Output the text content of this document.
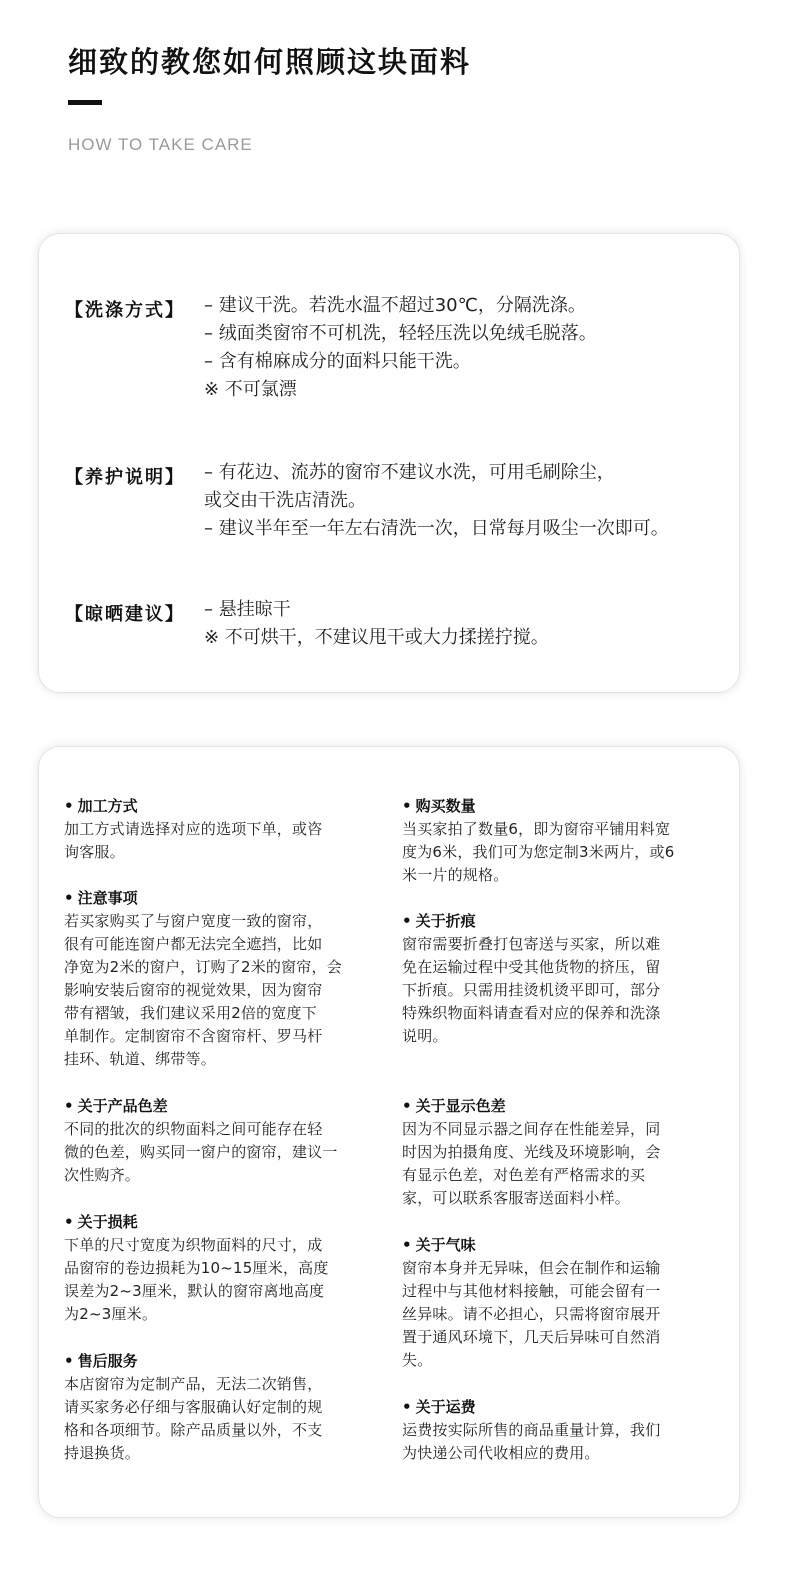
细致的教您如何照顾这块面料
HOW TO TAKE CARE
【洗涤方式】 – 建议干洗。若洗水温不超过30℃，分隔洗涤。
– 绒面类窗帘不可机洗，轻轻压洗以免绒毛脱落。
– 含有棉麻成分的面料只能干洗。
※ 不可氯漂
【养护说明】 – 有花边、流苏的窗帘不建议水洗，可用毛刷除尘，
或交由干洗店清洗。
– 建议半年至一年左右清洗一次，日常每月吸尘一次即可。
【晾晒建议】 – 悬挂晾干
※ 不可烘干，不建议甩干或大力揉搓拧搅。
• 加工方式
加工方式请选择对应的选项下单，或咨
询客服。
• 注意事项
若买家购买了与窗户宽度一致的窗帘，
很有可能连窗户都无法完全遮挡，比如
净宽为2米的窗户，订购了2米的窗帘，会
影响安装后窗帘的视觉效果，因为窗帘
带有褶皱，我们建议采用2倍的宽度下
单制作。定制窗帘不含窗帘杆、罗马杆
挂环、轨道、绑带等。
• 关于产品色差
不同的批次的织物面料之间可能存在轻
微的色差，购买同一窗户的窗帘，建议一
次性购齐。
• 关于损耗
下单的尺寸宽度为织物面料的尺寸，成
品窗帘的卷边损耗为10~15厘米，高度
误差为2~3厘米，默认的窗帘离地高度
为2~3厘米。
• 售后服务
本店窗帘为定制产品，无法二次销售，
请买家务必仔细与客服确认好定制的规
格和各项细节。除产品质量以外，不支
持退换货。
• 购买数量
当买家拍了数量6，即为窗帘平铺用料宽
度为6米，我们可为您定制3米两片，或6
米一片的规格。
• 关于折痕
窗帘需要折叠打包寄送与买家，所以难
免在运输过程中受其他货物的挤压，留
下折痕。只需用挂烫机烫平即可，部分
特殊织物面料请查看对应的保养和洗涤
说明。
• 关于显示色差
因为不同显示器之间存在性能差异，同
时因为拍摄角度、光线及环境影响，会
有显示色差，对色差有严格需求的买
家，可以联系客服寄送面料小样。
• 关于气味
窗帘本身并无异味，但会在制作和运输
过程中与其他材料接触，可能会留有一
丝异味。请不必担心，只需将窗帘展开
置于通风环境下，几天后异味可自然消
失。
• 关于运费
运费按实际所售的商品重量计算，我们
为快递公司代收相应的费用。
